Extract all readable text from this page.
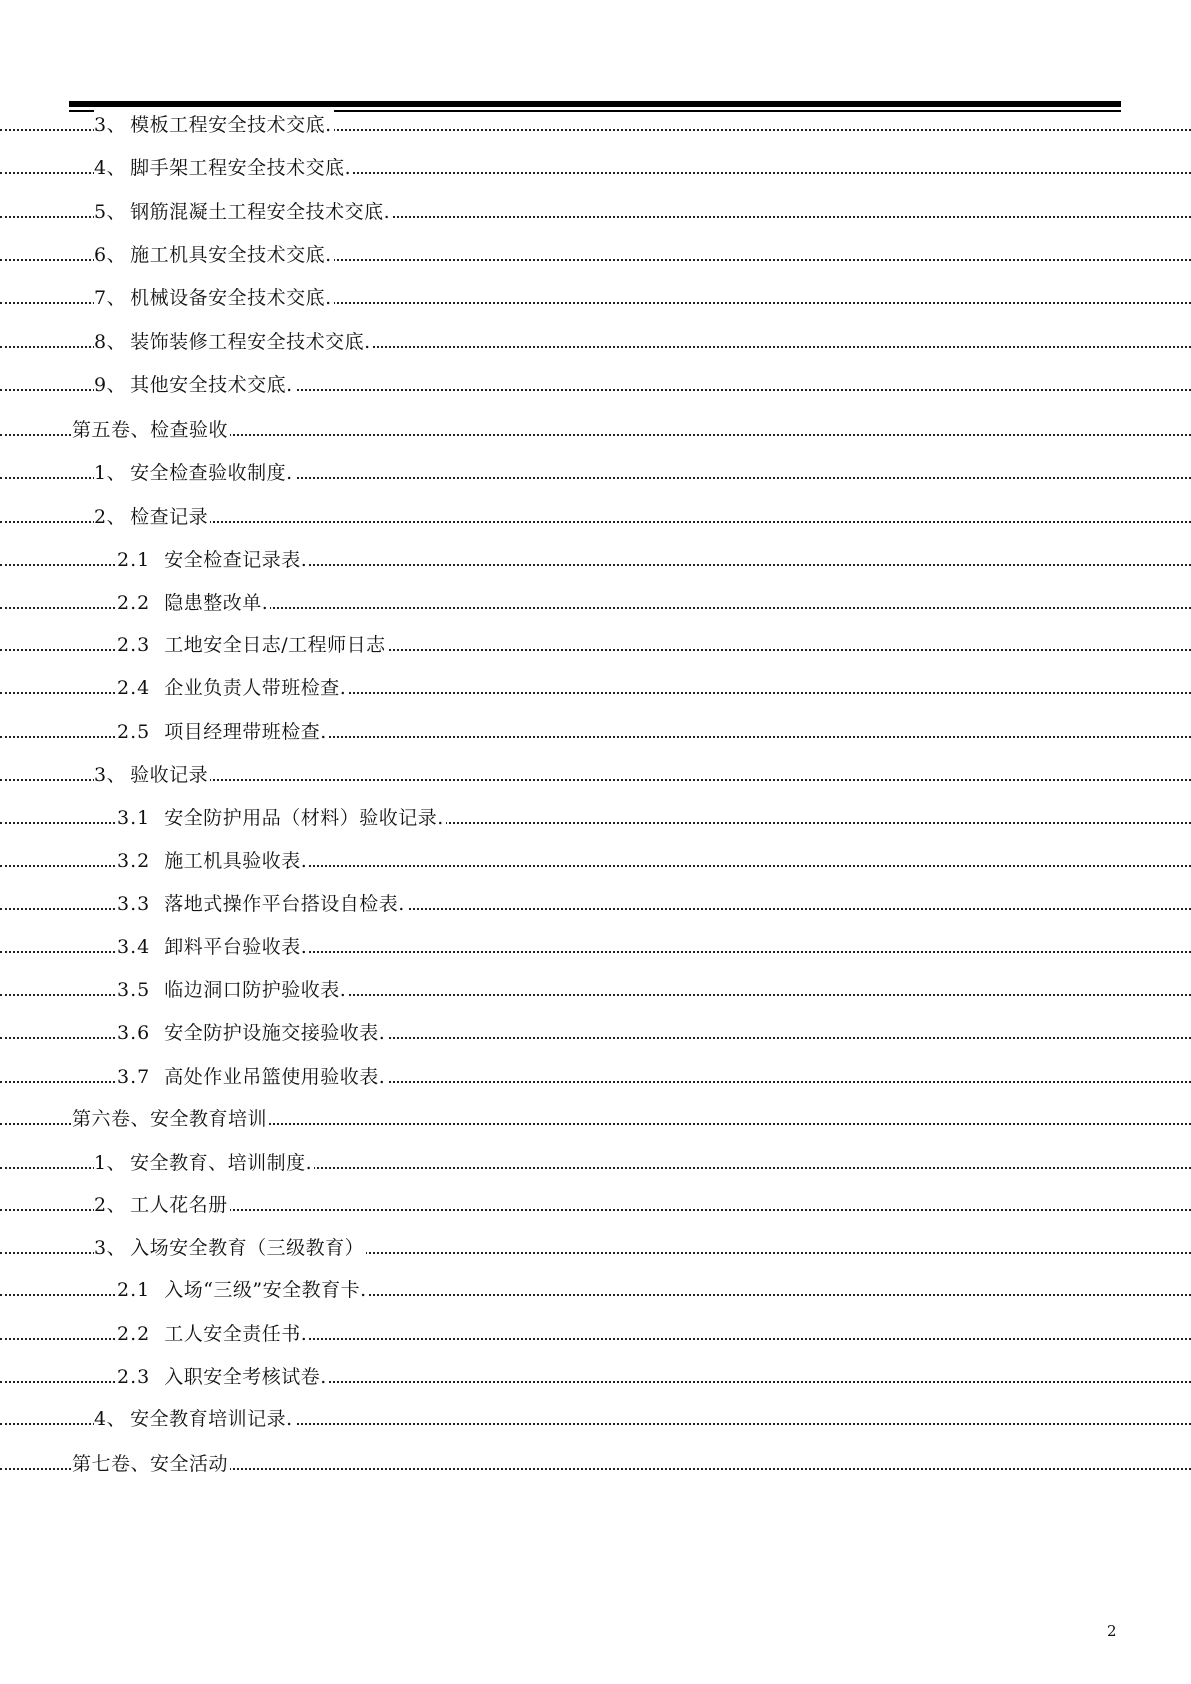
3、 模板工程安全技术交底.
4、 脚手架工程安全技术交底.
5、 钢筋混凝土工程安全技术交底.
6、 施工机具安全技术交底.
7、 机械设备安全技术交底.
8、 装饰装修工程安全技术交底.
9、 其他安全技术交底.
第五卷、检查验收
1、 安全检查验收制度.
2、 检查记录
2.1 安全检查记录表.
2.2 隐患整改单.
2.3 工地安全日志/工程师日志
2.4 企业负责人带班检查.
2.5 项目经理带班检查.
3、 验收记录
3.1 安全防护用品（材料）验收记录.
3.2 施工机具验收表.
3.3 落地式操作平台搭设自检表.
3.4 卸料平台验收表.
3.5 临边洞口防护验收表.
3.6 安全防护设施交接验收表.
3.7 高处作业吊篮使用验收表.
第六卷、安全教育培训
1、 安全教育、培训制度.
2、 工人花名册
3、 入场安全教育（三级教育）
2.1 入场“三级”安全教育卡.
2.2 工人安全责任书.
2.3 入职安全考核试卷.
4、 安全教育培训记录.
第七卷、安全活动
2
